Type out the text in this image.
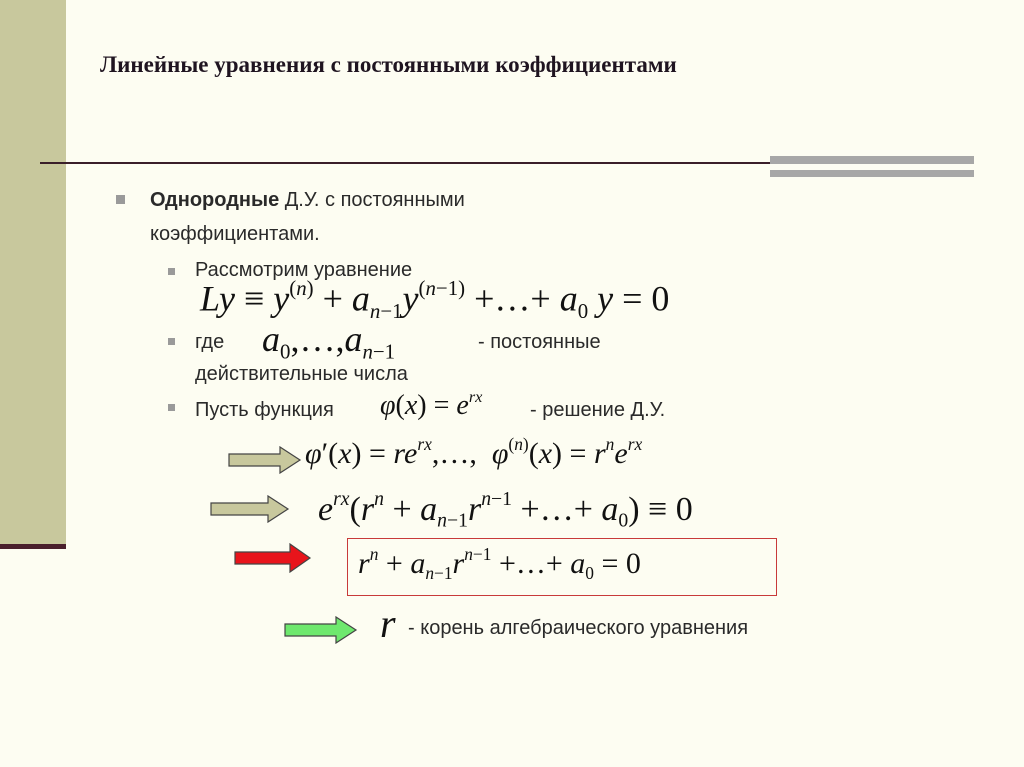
Линейные уравнения с постоянными коэффициентами
Однородные Д.У. с постоянными
коэффициентами.
Рассмотрим уравнение
$Ly \equiv y^{(n)} + a_{n-1}y^{(n-1)}$ +…+ $a_0$ y = 0
где $a_0,\dots,a_{n-1}$	- постоянные
действительные числа
Пусть функция $\varphi(x) = e^{rx}$
- решение Д.У.
$\varphi'(x) = re^{rx},\dots$,  $\varphi^{(n)}(x) = r^ne^{rx}$
$e^{rx}(r^n + a_{n-1}r^{n-1}$ +…+ $a_0) \equiv 0$
$r^n + a_{n-1}r^{n-1}$ +…+ $a_0 = 0$
r - корень алгебраического уравнения
